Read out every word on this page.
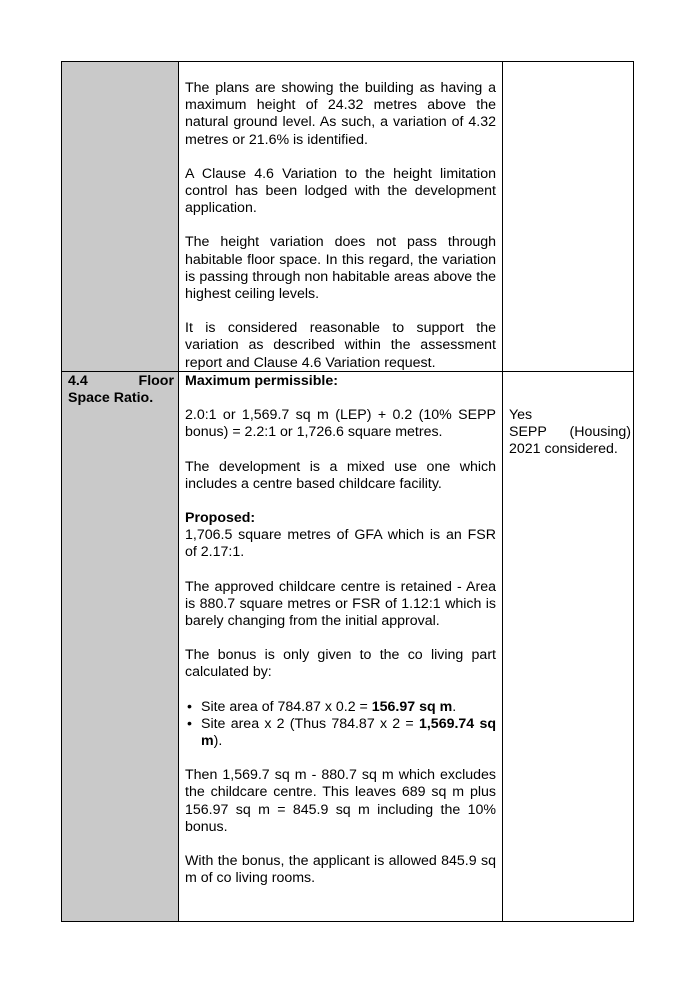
The plans are showing the building as having a maximum height of 24.32 metres above the natural ground level. As such, a variation of 4.32 metres or 21.6% is identified.

A Clause 4.6 Variation to the height limitation control has been lodged with the development application.

The height variation does not pass through habitable floor space. In this regard, the variation is passing through non habitable areas above the highest ceiling levels.

It is considered reasonable to support the variation as described within the assessment report and Clause 4.6 Variation request.

4.4	Floor
Space Ratio.

Maximum permissible:

2.0:1 or 1,569.7 sq m (LEP) + 0.2 (10% SEPP bonus) = 2.2:1 or 1,726.6 square metres.

The development is a mixed use one which includes a centre based childcare facility.

Proposed:

1,706.5 square metres of GFA which is an FSR of 2.17:1.

The approved childcare centre is retained - Area is 880.7 square metres or FSR of 1.12:1 which is barely changing from the initial approval.

The bonus is only given to the co living part calculated by:

• Site area of 784.87 x 0.2 = 156.97 sq m.
• Site area x 2 (Thus 784.87 x 2 = 1,569.74 sq m).

Then 1,569.7 sq m - 880.7 sq m which excludes the childcare centre. This leaves 689 sq m plus 156.97 sq m = 845.9 sq m including the 10% bonus.

With the bonus, the applicant is allowed 845.9 sq m of co living rooms.

Yes
SEPP (Housing)
2021 considered.
